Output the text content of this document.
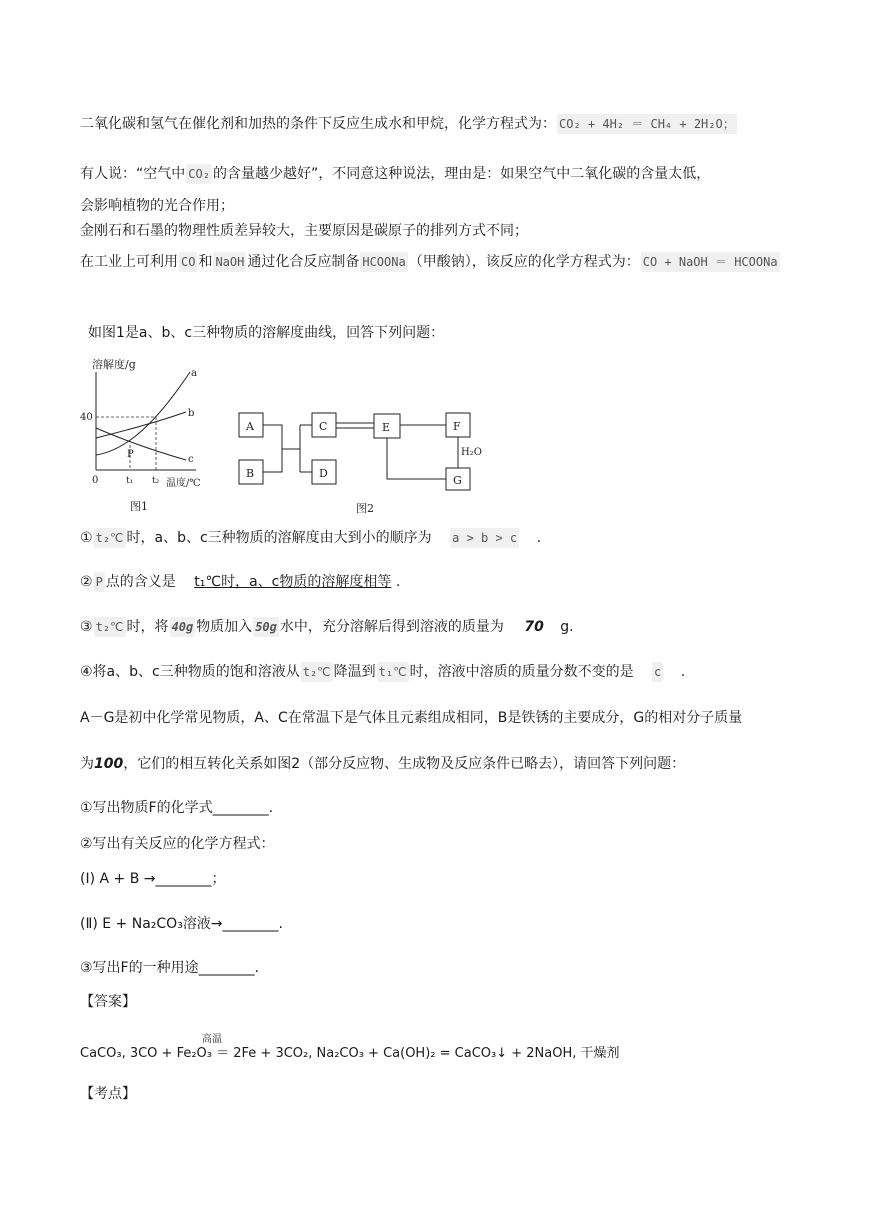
二氧化碳和氢气在催化剂和加热的条件下反应生成水和甲烷，化学方程式为： CO₂ + 4H₂ ＝ CH₄ + 2H₂O；
有人说：“空气中 CO₂ 的含量越少越好”，不同意这种说法，理由是：如果空气中二氧化碳的含量太低，
会影响植物的光合作用；
金刚石和石墨的物理性质差异较大，主要原因是碳原子的排列方式不同；
在工业上可利用 CO 和 NaOH 通过化合反应制备 HCOONa （甲酸钠），该反应的化学方程式为： CO + NaOH ＝ HCOONa
如图1是a、b、c三种物质的溶解度曲线，回答下列问题：
溶解度/g
40
0
a
b
c
P
t₁ t₂ 温度/℃
图1
A
B
C
D
E	F
H₂O
G
图2
① t₂℃ 时，a、b、c三种物质的溶解度由大到小的顺序为 a > b > c .
② P 点的含义是 t₁℃时，a、c物质的溶解度相等 .
③ t₂℃ 时，将 40g 物质加入 50g 水中，充分溶解后得到溶液的质量为 70 g.
④将a、b、c三种物质的饱和溶液从 t₂℃ 降温到 t₁℃ 时，溶液中溶质的质量分数不变的是 c .
A－G是初中化学常见物质，A、C在常温下是气体且元素组成相同，B是铁锈的主要成分，G的相对分子质量
为100，它们的相互转化关系如图2（部分反应物、生成物及反应条件已略去），请回答下列问题：
①写出物质F的化学式________.
②写出有关反应的化学方程式：
(Ⅰ) A + B →________；
(Ⅱ) E + Na₂CO₃溶液→________.
③写出F的一种用途________.
【答案】
高温
CaCO₃, 3CO + Fe₂O₃ ＝ 2Fe + 3CO₂, Na₂CO₃ + Ca(OH)₂ = CaCO₃↓ + 2NaOH, 干燥剂
【考点】
